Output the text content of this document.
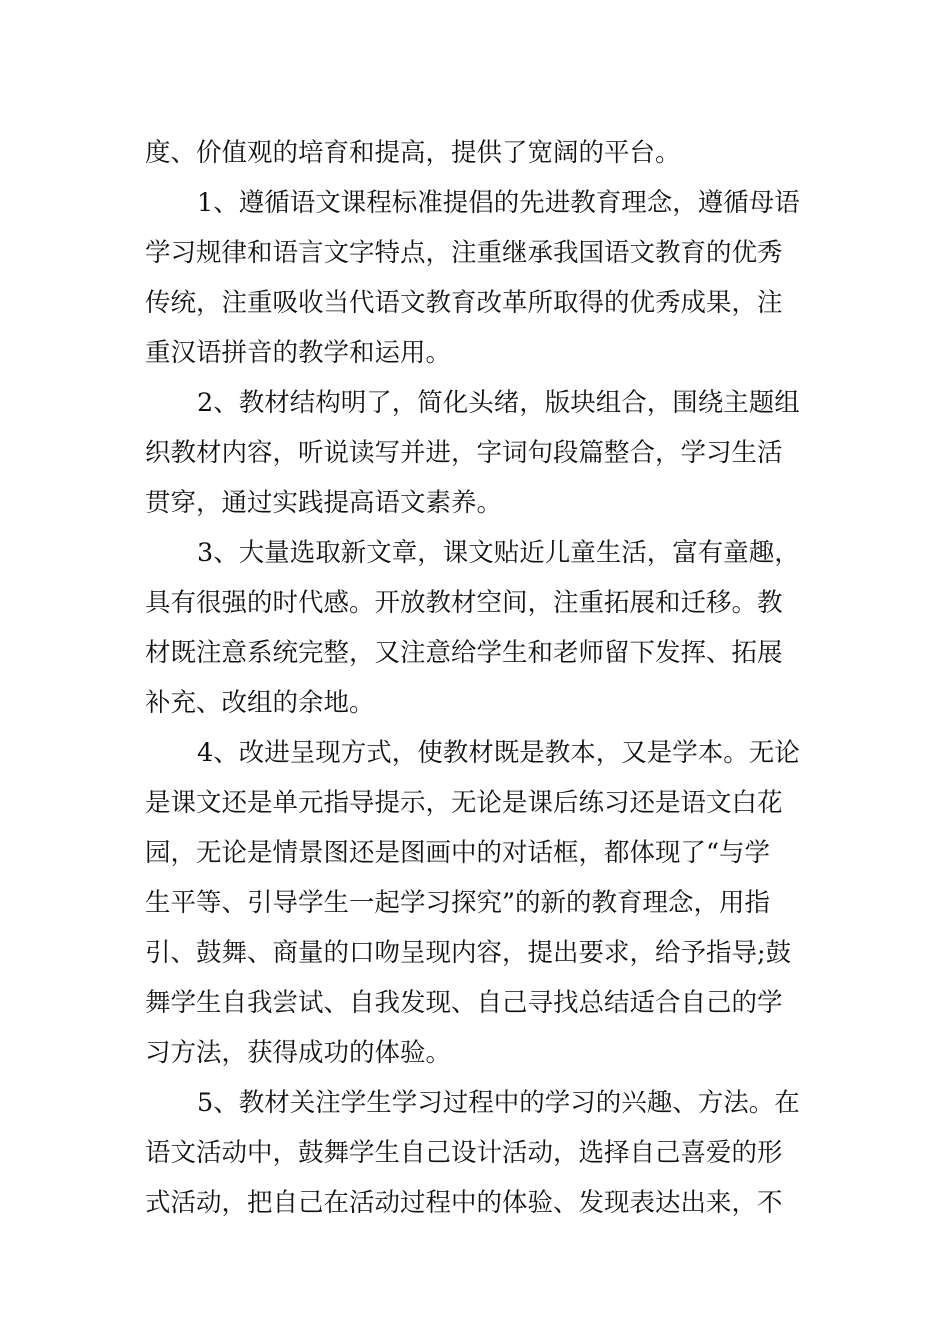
度、价值观的培育和提高，提供了宽阔的平台。
1、遵循语文课程标准提倡的先进教育理念，遵循母语
学习规律和语言文字特点，注重继承我国语文教育的优秀
传统，注重吸收当代语文教育改革所取得的优秀成果，注
重汉语拼音的教学和运用。
2、教材结构明了，简化头绪，版块组合，围绕主题组
织教材内容，听说读写并进，字词句段篇整合，学习生活
贯穿，通过实践提高语文素养。
3、大量选取新文章，课文贴近儿童生活，富有童趣，
具有很强的时代感。开放教材空间，注重拓展和迁移。教
材既注意系统完整，又注意给学生和老师留下发挥、拓展
补充、改组的余地。
4、改进呈现方式，使教材既是教本，又是学本。无论
是课文还是单元指导提示，无论是课后练习还是语文白花
园，无论是情景图还是图画中的对话框，都体现了“与学
生平等、引导学生一起学习探究”的新的教育理念，用指
引、鼓舞、商量的口吻呈现内容，提出要求，给予指导;鼓
舞学生自我尝试、自我发现、自己寻找总结适合自己的学
习方法，获得成功的体验。
5、教材关注学生学习过程中的学习的兴趣、方法。在
语文活动中，鼓舞学生自己设计活动，选择自己喜爱的形
式活动，把自己在活动过程中的体验、发现表达出来，不
